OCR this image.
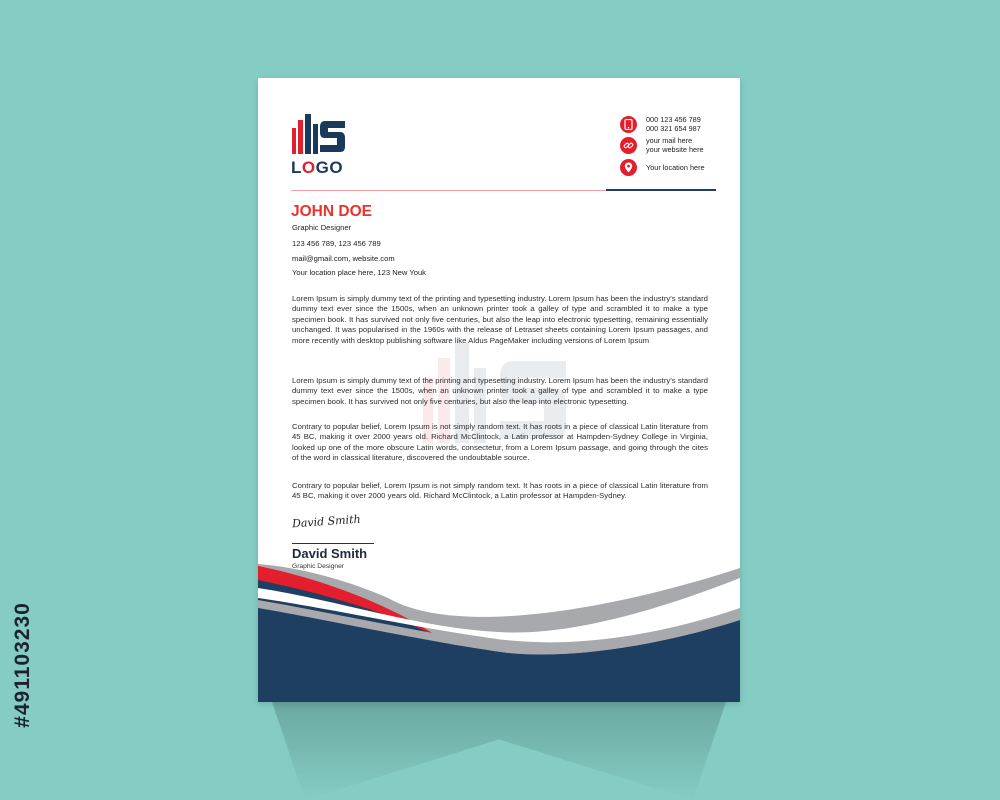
#491103230
LOGO
000 123 456 789
000 321 654 987
your mail here
your website here
Your location here
JOHN DOE
Graphic Designer
123 456 789, 123 456 789
mail@gmail.com, website.com
Your location place here, 123 New Youk
Lorem Ipsum is simply dummy text of the printing and typesetting industry. Lorem Ipsum has been the industry's standard dummy text ever since the 1500s, when an unknown printer took a galley of type and scrambled it to make a type specimen book. It has survived not only five centuries, but also the leap into electronic typesetting, remaining essentially unchanged. It was popularised in the 1960s with the release of Letraset sheets containing Lorem Ipsum passages, and more recently with desktop publishing software like Aldus PageMaker including versions of Lorem Ipsum
Lorem Ipsum is simply dummy text of the printing and typesetting industry. Lorem Ipsum has been the industry's standard dummy text ever since the 1500s, when an unknown printer took a galley of type and scrambled it to make a type specimen book. It has survived not only five centuries, but also the leap into electronic typesetting.
Contrary to popular belief, Lorem Ipsum is not simply random text. It has roots in a piece of classical Latin literature from 45 BC, making it over 2000 years old. Richard McClintock, a Latin professor at Hampden-Sydney College in Virginia, looked up one of the more obscure Latin words, consectetur, from a Lorem Ipsum passage, and going through the cites of the word in classical literature, discovered the undoubtable source.
Contrary to popular belief, Lorem Ipsum is not simply random text. It has roots in a piece of classical Latin literature from 45 BC, making it over 2000 years old. Richard McClintock, a Latin professor at Hampden-Sydney.
David Smith
David Smith
Graphic Designer
